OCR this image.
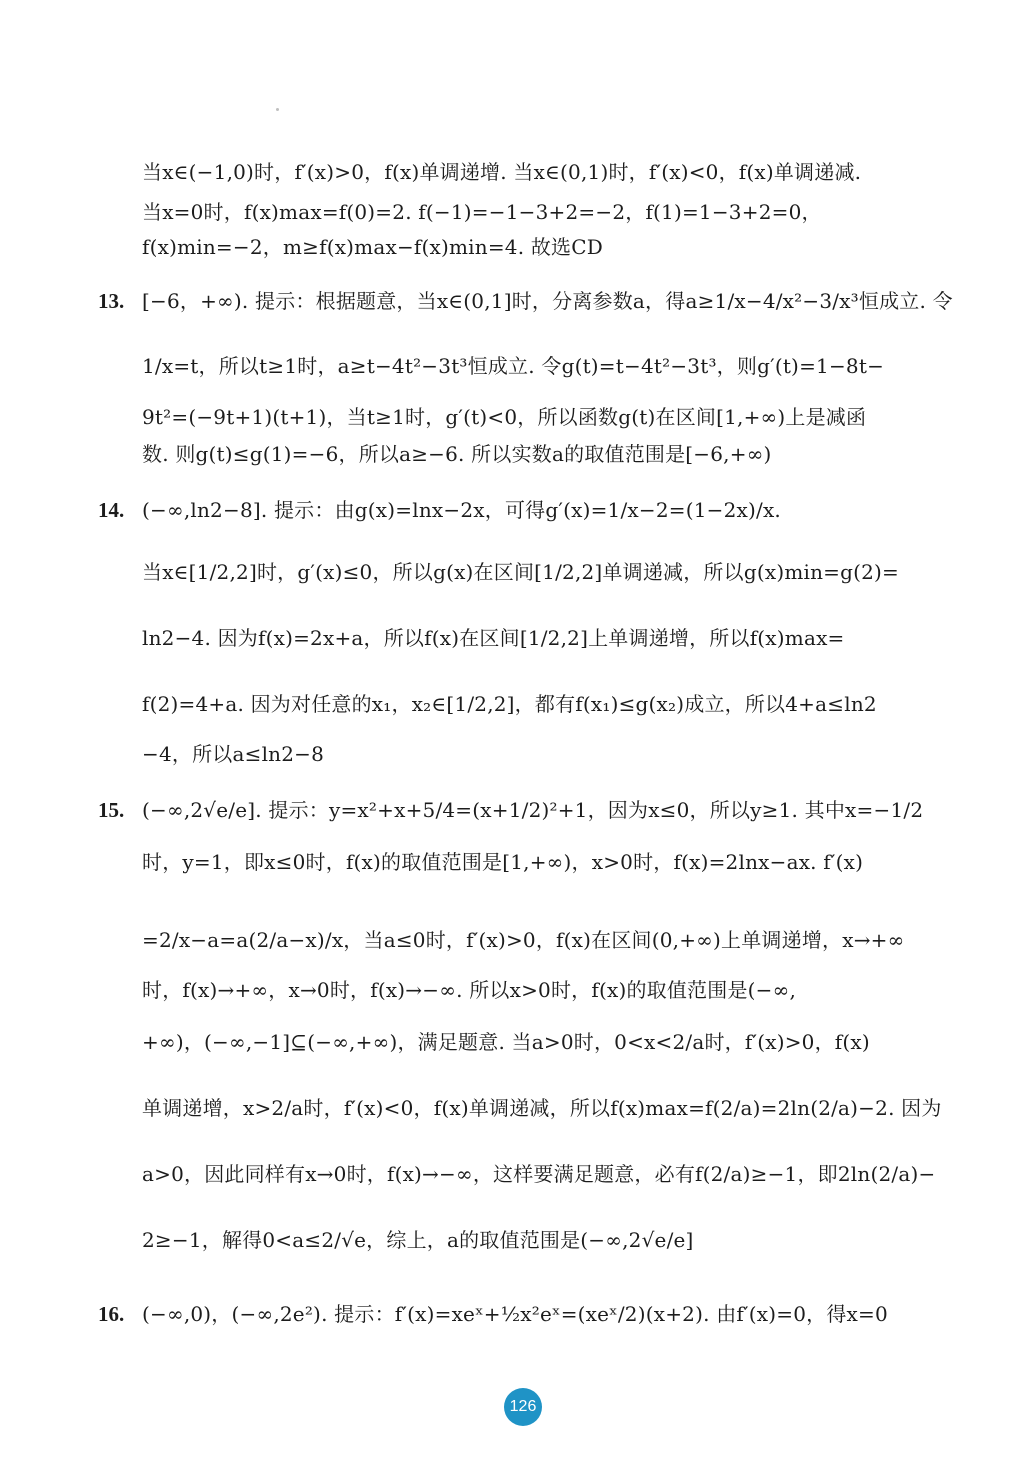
当x∈(−1,0)时，f′(x)>0，f(x)单调递增. 当x∈(0,1)时，f′(x)<0，f(x)单调递减.
当x=0时，f(x)max=f(0)=2. f(−1)=−1−3+2=−2，f(1)=1−3+2=0，
f(x)min=−2，m≥f(x)max−f(x)min=4. 故选CD
13. [−6，+∞). 提示：根据题意，当x∈(0,1]时，分离参数a，得a≥1/x−4/x²−3/x³恒成立. 令
1/x=t，所以t≥1时，a≥t−4t²−3t³恒成立. 令g(t)=t−4t²−3t³，则g′(t)=1−8t−
9t²=(−9t+1)(t+1)，当t≥1时，g′(t)<0，所以函数g(t)在区间[1,+∞)上是减函
数. 则g(t)≤g(1)=−6，所以a≥−6. 所以实数a的取值范围是[−6,+∞)
14. (−∞,ln2−8]. 提示：由g(x)=lnx−2x，可得g′(x)=1/x−2=(1−2x)/x.
当x∈[1/2,2]时，g′(x)≤0，所以g(x)在区间[1/2,2]单调递减，所以g(x)min=g(2)=
ln2−4. 因为f(x)=2x+a，所以f(x)在区间[1/2,2]上单调递增，所以f(x)max=
f(2)=4+a. 因为对任意的x₁，x₂∈[1/2,2]，都有f(x₁)≤g(x₂)成立，所以4+a≤ln2
−4，所以a≤ln2−8
15. (−∞,2√e/e]. 提示：y=x²+x+5/4=(x+1/2)²+1，因为x≤0，所以y≥1. 其中x=−1/2
时，y=1，即x≤0时，f(x)的取值范围是[1,+∞)，x>0时，f(x)=2lnx−ax. f′(x)
=2/x−a=a(2/a−x)/x，当a≤0时，f′(x)>0，f(x)在区间(0,+∞)上单调递增，x→+∞
时，f(x)→+∞，x→0时，f(x)→−∞. 所以x>0时，f(x)的取值范围是(−∞,
+∞)，(−∞,−1]⊆(−∞,+∞)，满足题意. 当a>0时，0<x<2/a时，f′(x)>0，f(x)
单调递增，x>2/a时，f′(x)<0，f(x)单调递减，所以f(x)max=f(2/a)=2ln(2/a)−2. 因为
a>0，因此同样有x→0时，f(x)→−∞，这样要满足题意，必有f(2/a)≥−1，即2ln(2/a)−
2≥−1，解得0<a≤2/√e，综上，a的取值范围是(−∞,2√e/e]
16. (−∞,0)，(−∞,2e²). 提示：f′(x)=xeˣ+½x²eˣ=(xeˣ/2)(x+2). 由f′(x)=0，得x=0
126
